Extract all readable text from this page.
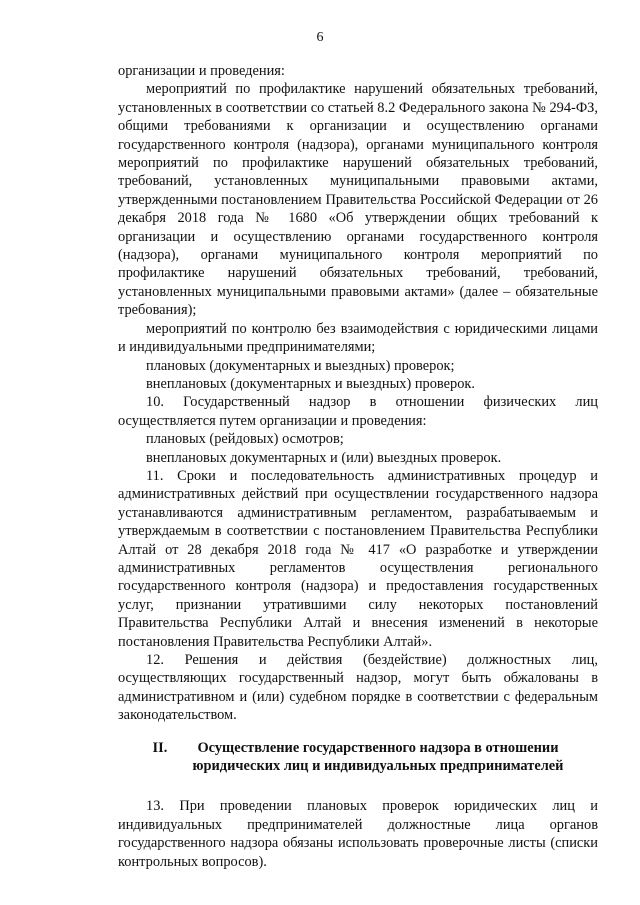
6

организации и проведения:

мероприятий по профилактике нарушений обязательных требований, установленных в соответствии со статьей 8.2 Федерального закона № 294-ФЗ, общими требованиями к организации и осуществлению органами государственного контроля (надзора), органами муниципального контроля мероприятий по профилактике нарушений обязательных требований, требований, установленных муниципальными правовыми актами, утвержденными постановлением Правительства Российской Федерации от 26 декабря 2018 года № 1680 «Об утверждении общих требований к организации и осуществлению органами государственного контроля (надзора), органами муниципального контроля мероприятий по профилактике нарушений обязательных требований, требований, установленных муниципальными правовыми актами» (далее – обязательные требования);

мероприятий по контролю без взаимодействия с юридическими лицами и индивидуальными предпринимателями;

плановых (документарных и выездных) проверок;

внеплановых (документарных и выездных) проверок.

10. Государственный надзор в отношении физических лиц осуществляется путем организации и проведения:

плановых (рейдовых) осмотров;

внеплановых документарных и (или) выездных проверок.

11. Сроки и последовательность административных процедур и административных действий при осуществлении государственного надзора устанавливаются административным регламентом, разрабатываемым и утверждаемым в соответствии с постановлением Правительства Республики Алтай от 28 декабря 2018 года № 417 «О разработке и утверждении административных регламентов осуществления регионального государственного контроля (надзора) и предоставления государственных услуг, признании утратившими силу некоторых постановлений Правительства Республики Алтай и внесения изменений в некоторые постановления Правительства Республики Алтай».

12. Решения и действия (бездействие) должностных лиц, осуществляющих государственный надзор, могут быть обжалованы в административном и (или) судебном порядке в соответствии с федеральным законодательством.

II.	Осуществление государственного надзора в отношении
юридических лиц и индивидуальных предпринимателей

13. При проведении плановых проверок юридических лиц и индивидуальных предпринимателей должностные лица органов государственного надзора обязаны использовать проверочные листы (списки контрольных вопросов).
